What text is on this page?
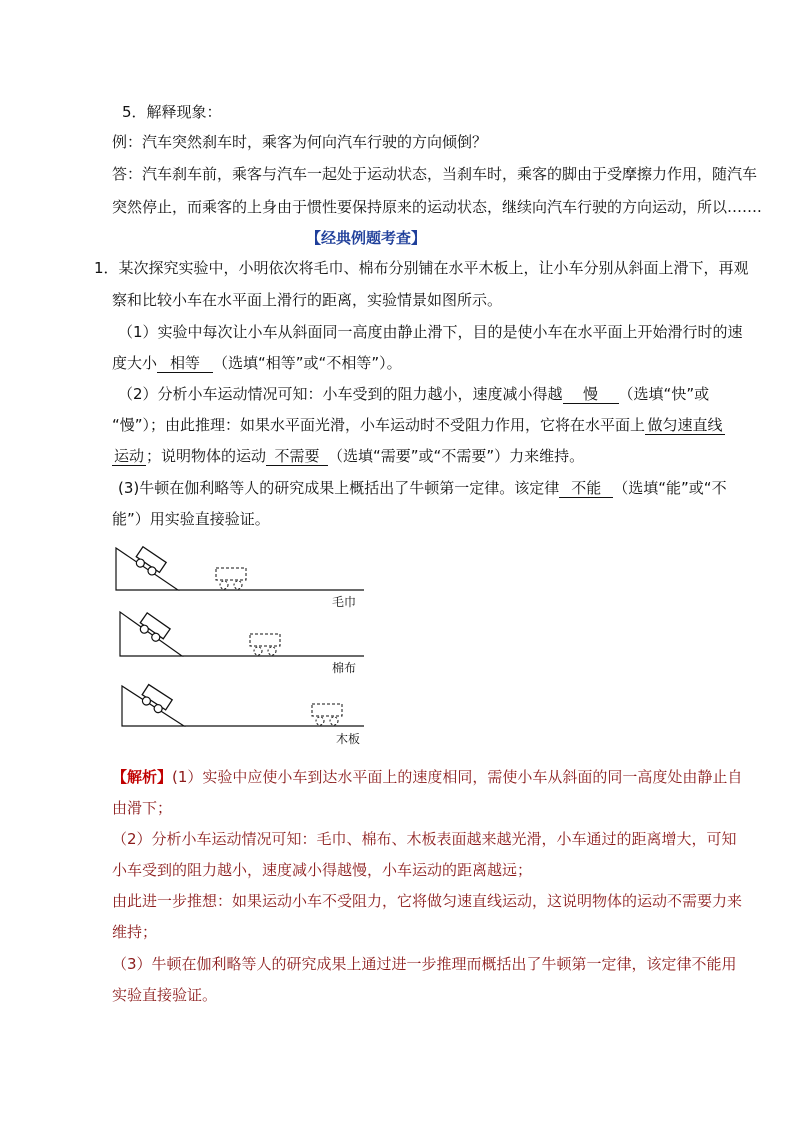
5．解释现象：
例：汽车突然刹车时，乘客为何向汽车行驶的方向倾倒？
答：汽车刹车前，乘客与汽车一起处于运动状态，当刹车时，乘客的脚由于受摩擦力作用，随汽车
突然停止，而乘客的上身由于惯性要保持原来的运动状态，继续向汽车行驶的方向运动，所以…….
【经典例题考查】
1．某次探究实验中，小明依次将毛巾、棉布分别铺在水平木板上，让小车分别从斜面上滑下，再观
察和比较小车在水平面上滑行的距离，实验情景如图所示。
（1）实验中每次让小车从斜面同一高度由静止滑下，目的是使小车在水平面上开始滑行时的速
度大小 相等 （选填“相等”或“不相等”）。
（2）分析小车运动情况可知：小车受到的阻力越小，速度减小得越 慢 （选填“快”或
“慢”）；由此推理：如果水平面光滑，小车运动时不受阻力作用，它将在水平面上 做匀速直线
运动 ；说明物体的运动 不需要 （选填“需要”或“不需要”）力来维持。
(3)牛顿在伽利略等人的研究成果上概括出了牛顿第一定律。该定律 不能 （选填“能”或“不
能”）用实验直接验证。
毛巾
棉布
木板
【解析】(1）实验中应使小车到达水平面上的速度相同，需使小车从斜面的同一高度处由静止自
由滑下；
（2）分析小车运动情况可知：毛巾、棉布、木板表面越来越光滑，小车通过的距离增大，可知
小车受到的阻力越小，速度减小得越慢，小车运动的距离越远；
由此进一步推想：如果运动小车不受阻力，它将做匀速直线运动，这说明物体的运动不需要力来
维持；
（3）牛顿在伽利略等人的研究成果上通过进一步推理而概括出了牛顿第一定律，该定律不能用
实验直接验证。
